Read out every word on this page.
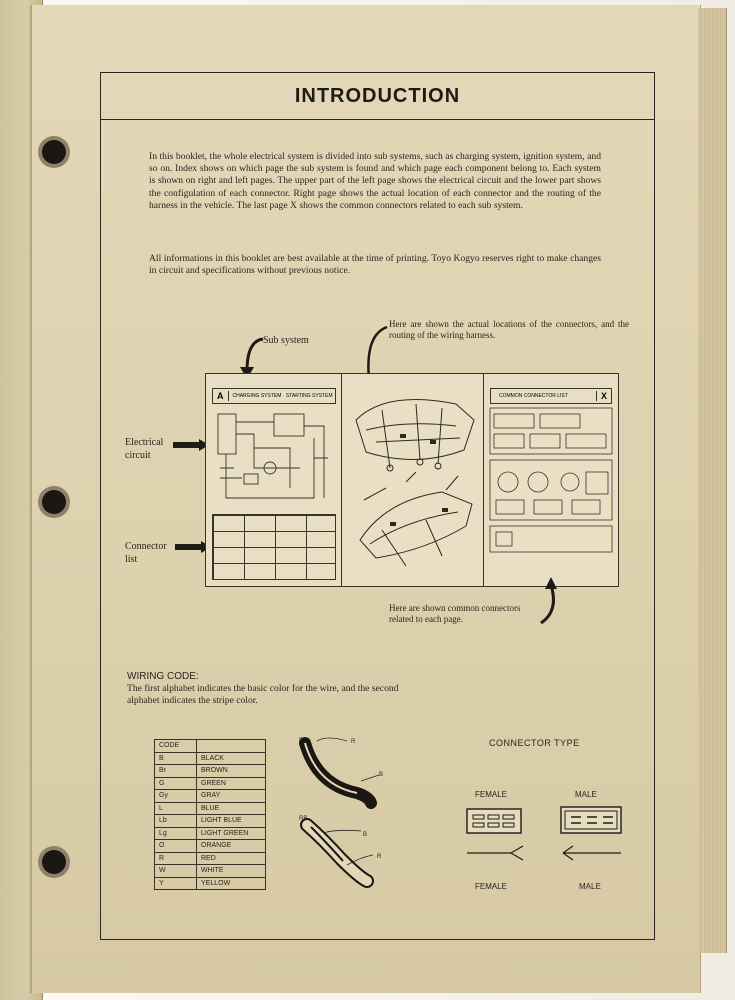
INTRODUCTION
In this booklet, the whole electrical system is divided into sub systems, such as charging system, ignition system, and so on. Index shows on which page the sub system is found and which page each component belong to. Each system is shown on right and left pages. The upper part of the left page shows the electrical circuit and the lower part shows the configulation of each connector. Right page shows the actual location of each connector and the routing of the harness in the vehicle. The last page X shows the common connectors related to each sub system.
All informations in this booklet are best available at the time of printing. Toyo Kogyo reserves right to make changes in circuit and specifications without previous notice.
Sub system
Here are shown the actual locations of the connectors, and the routing of the wiring harness.
Electrical
circuit
Connector
list
A	CHARGING SYSTEM · STARTING SYSTEM	COMMON CONNECTOR LIST	X
Here are shown common connectors related to each page.
WIRING CODE:
The first alphabet indicates the basic color for the wire, and the second alphabet indicates the stripe color.
CODE	
B	BLACK
Br	BROWN
G	GREEN
Gy	GRAY
L	BLUE
Lb	LIGHT BLUE
Lg	LIGHT GREEN
O	ORANGE
R	RED
W	WHITE
Y	YELLOW
BR	R
B
RB
B
R
CONNECTOR TYPE
FEMALE	MALE
FEMALE	MALE
